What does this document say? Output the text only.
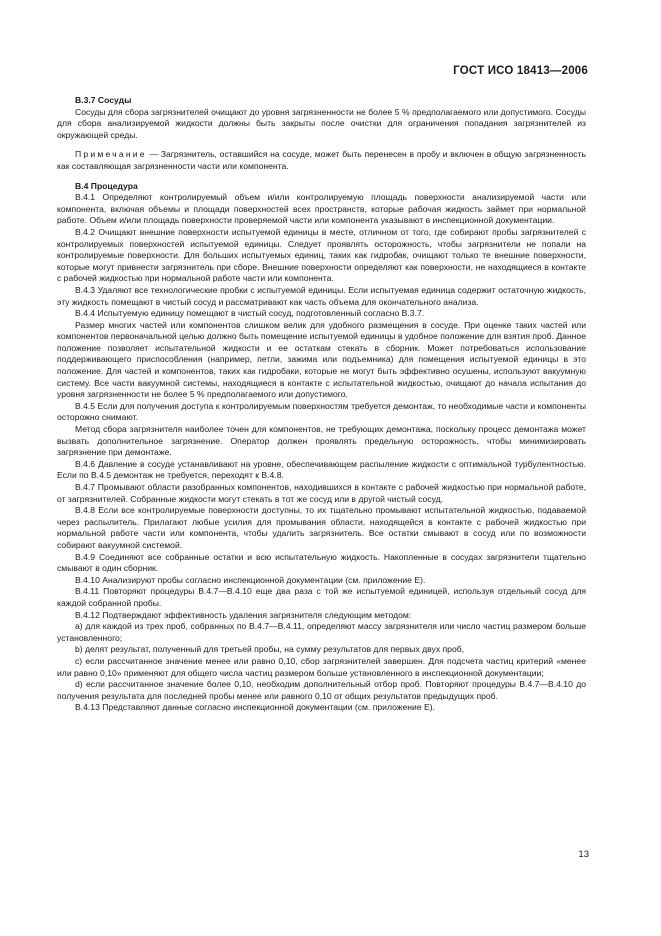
ГОСТ ИСО 18413—2006
B.3.7 Сосуды

Сосуды для сбора загрязнителей очищают до уровня загрязненности не более 5 % предполагаемого или допустимого. Сосуды для сбора анализируемой жидкости должны быть закрыты после очистки для ограничения попадания загрязнителей из окружающей среды.

Примечание — Загрязнитель, оставшийся на сосуде, может быть перенесен в пробу и включен в общую загрязненность как составляющая загрязненности части или компонента.

B.4 Процедура

В.4.1 Определяют контролируемый объем и/или контролируемую площадь поверхности анализируемой части или компонента, включая объемы и площади поверхностей всех пространств, которые рабочая жидкость займет при нормальной работе. Объем и/или площадь поверхности проверяемой части или компонента указывают в инспекционной документации.

В.4.2 Очищают внешние поверхности испытуемой единицы в месте, отличном от того, где собирают пробы загрязнителей с контролируемых поверхностей испытуемой единицы. Следует проявлять осторожность, чтобы загрязнители не попали на контролируемые поверхности. Для больших испытуемых единиц, таких как гидробак, очищают только те внешние поверхности, которые могут привнести загрязнитель при сборе. Внешние поверхности определяют как поверхности, не находящиеся в контакте с рабочей жидкостью при нормальной работе части или компонента.

В.4.3 Удаляют все технологические пробки с испытуемой единицы. Если испытуемая единица содержит остаточную жидкость, эту жидкость помещают в чистый сосуд и рассматривают как часть объема для окончательного анализа.

В.4.4 Испытуемую единицу помещают в чистый сосуд, подготовленный согласно В.3.7.

Размер многих частей или компонентов слишком велик для удобного размещения в сосуде. При оценке таких частей или компонентов первоначальной целью должно быть помещение испытуемой единицы в удобное положение для взятия проб. Данное положение позволяет испытательной жидкости и ее остаткам стекать в сборник. Может потребоваться использование поддерживающего приспособления (например, петли, зажима или подъемника) для помещения испытуемой единицы в это положение. Для частей и компонентов, таких как гидробаки, которые не могут быть эффективно осушены, используют вакуумную систему. Все части вакуумной системы, находящиеся в контакте с испытательной жидкостью, очищают до начала испытания до уровня загрязненности не более 5 % предполагаемого или допустимого.

В.4.5 Если для получения доступа к контролируемым поверхностям требуется демонтаж, то необходимые части и компоненты осторожно снимают.

Метод сбора загрязнителя наиболее точен для компонентов, не требующих демонтажа, поскольку процесс демонтажа может вызвать дополнительное загрязнение. Оператор должен проявлять предельную осторожность, чтобы минимизировать загрязнение при демонтаже.

В.4.6 Давление в сосуде устанавливают на уровне, обеспечивающем распыление жидкости с оптимальной турбулентностью. Если по В.4.5 демонтаж не требуется, переходят к В.4.8.

В.4.7 Промывают области разобранных компонентов, находившихся в контакте с рабочей жидкостью при нормальной работе, от загрязнителей. Собранные жидкости могут стекать в тот же сосуд или в другой чистый сосуд.

В.4.8 Если все контролируемые поверхности доступны, то их тщательно промывают испытательной жидкостью, подаваемой через распылитель. Прилагают любые усилия для промывания области, находящейся в контакте с рабочей жидкостью при нормальной работе части или компонента, чтобы удалить загрязнитель. Все остатки смывают в сосуд или по возможности собирают вакуумной системой.

В.4.9 Соединяют все собранные остатки и всю испытательную жидкость. Накопленные в сосудах загрязнители тщательно смывают в один сборник.

В.4.10 Анализируют пробы согласно инспекционной документации (см. приложение Е).

В.4.11 Повторяют процедуры В.4.7—В.4.10 еще два раза с той же испытуемой единицей, используя отдельный сосуд для каждой собранной пробы.

В.4.12 Подтверждают эффективность удаления загрязнителя следующим методом:

a) для каждой из трех проб, собранных по В.4.7—В.4.11, определяют массу загрязнителя или число частиц размером больше установленного;

b) делят результат, полученный для третьей пробы, на сумму результатов для первых двух проб,

c) если рассчитанное значение менее или равно 0,10, сбор загрязнителей завершен. Для подсчета частиц критерий «менее или равно 0,10» применяют для общего числа частиц размером больше установленного в инспекционной документации;

d) если рассчитанное значение более 0,10, необходим дополнительный отбор проб. Повторяют процедуры В.4.7—В.4.10 до получения результата для последней пробы менее или равного 0,10 от общих результатов предыдущих проб.

В.4.13 Представляют данные согласно инспекционной документации (см. приложение Е).

13
